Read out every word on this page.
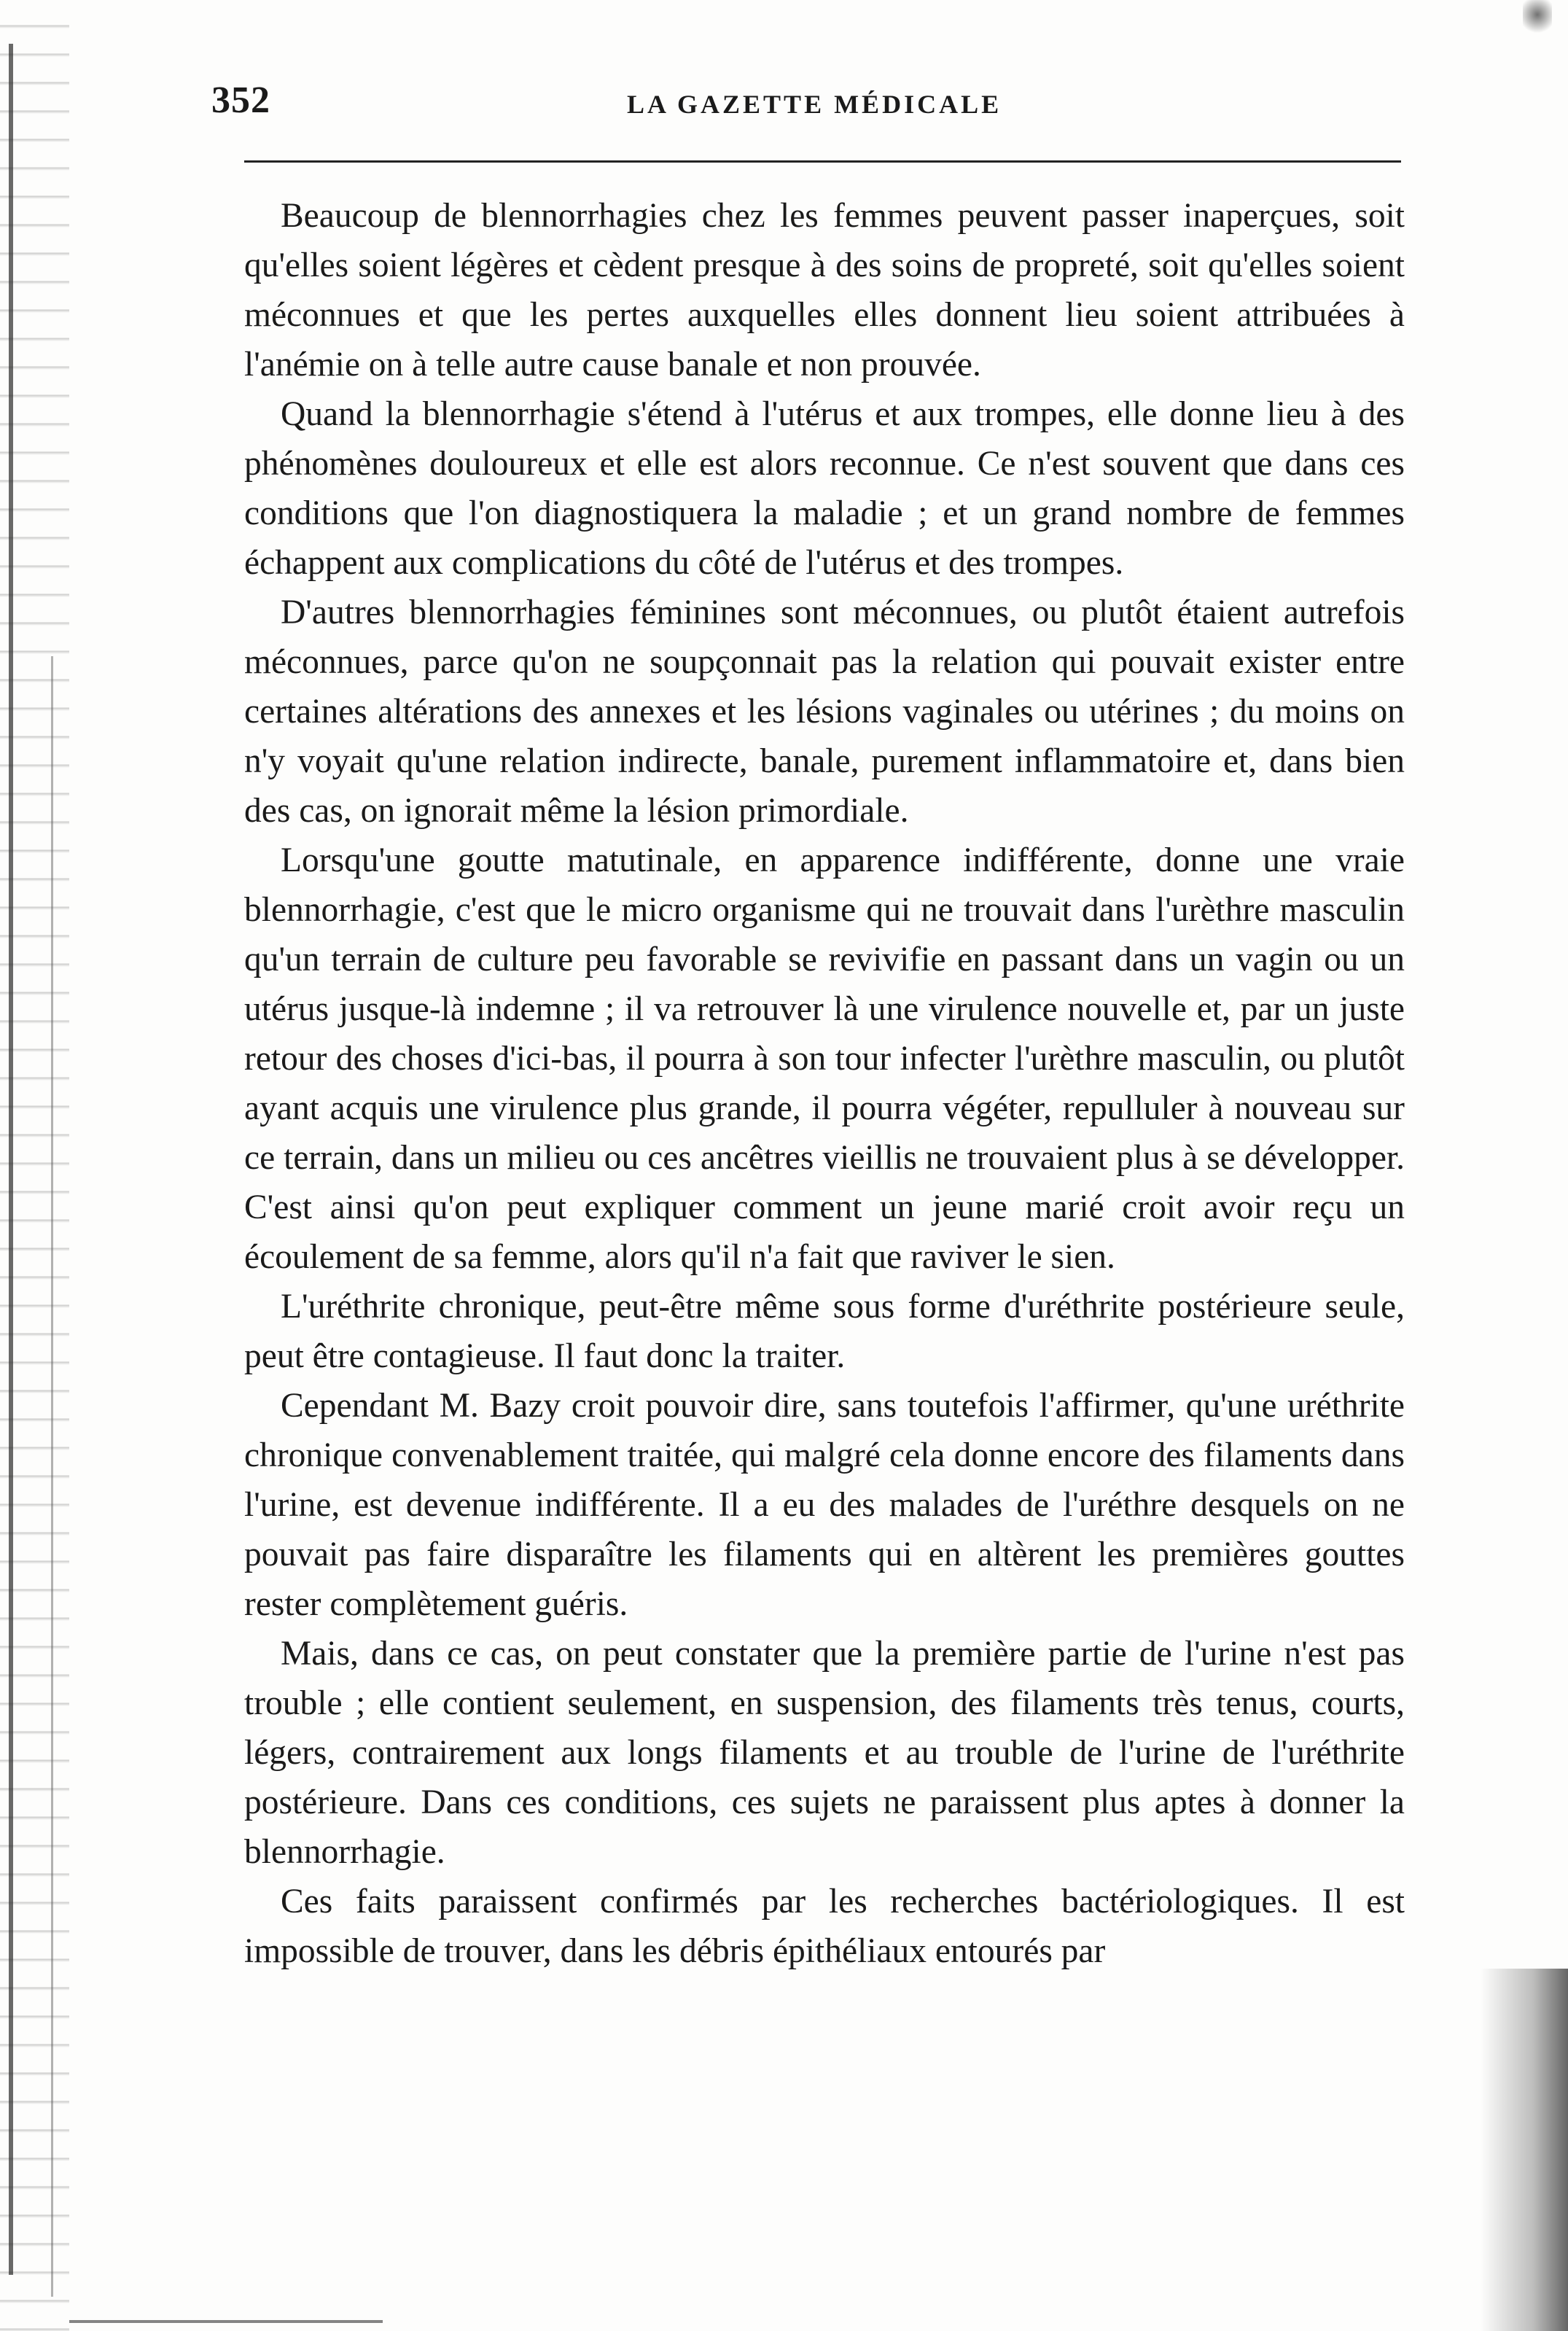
352	LA GAZETTE MÉDICALE

Beaucoup de blennorrhagies chez les femmes peuvent passer inaperçues, soit qu'elles soient légères et cèdent presque à des soins de propreté, soit qu'elles soient méconnues et que les pertes auxquelles elles donnent lieu soient attribuées à l'anémie on à telle autre cause banale et non prouvée.

Quand la blennorrhagie s'étend à l'utérus et aux trompes, elle donne lieu à des phénomènes douloureux et elle est alors reconnue. Ce n'est souvent que dans ces conditions que l'on diagnostiquera la maladie ; et un grand nombre de femmes échappent aux complications du côté de l'utérus et des trompes.

D'autres blennorrhagies féminines sont méconnues, ou plutôt étaient autrefois méconnues, parce qu'on ne soupçonnait pas la relation qui pouvait exister entre certaines altérations des annexes et les lésions vaginales ou utérines ; du moins on n'y voyait qu'une relation indirecte, banale, purement inflammatoire et, dans bien des cas, on ignorait même la lésion primordiale.

Lorsqu'une goutte matutinale, en apparence indifférente, donne une vraie blennorrhagie, c'est que le micro organisme qui ne trouvait dans l'urèthre masculin qu'un terrain de culture peu favorable se revivifie en passant dans un vagin ou un utérus jusque-là indemne ; il va retrouver là une virulence nouvelle et, par un juste retour des choses d'ici-bas, il pourra à son tour infecter l'urèthre masculin, ou plutôt ayant acquis une virulence plus grande, il pourra végéter, repulluler à nouveau sur ce terrain, dans un milieu ou ces ancêtres vieillis ne trouvaient plus à se développer. C'est ainsi qu'on peut expliquer comment un jeune marié croit avoir reçu un écoulement de sa femme, alors qu'il n'a fait que raviver le sien.

L'uréthrite chronique, peut-être même sous forme d'uréthrite postérieure seule, peut être contagieuse. Il faut donc la traiter.

Cependant M. Bazy croit pouvoir dire, sans toutefois l'affirmer, qu'une uréthrite chronique convenablement traitée, qui malgré cela donne encore des filaments dans l'urine, est devenue indifférente. Il a eu des malades de l'uréthre desquels on ne pouvait pas faire disparaître les filaments qui en altèrent les premières gouttes rester complètement guéris.

Mais, dans ce cas, on peut constater que la première partie de l'urine n'est pas trouble ; elle contient seulement, en suspension, des filaments très tenus, courts, légers, contrairement aux longs filaments et au trouble de l'urine de l'uréthrite postérieure. Dans ces conditions, ces sujets ne paraissent plus aptes à donner la blennorrhagie.

Ces faits paraissent confirmés par les recherches bactériologiques. Il est impossible de trouver, dans les débris épithéliaux entourés par
